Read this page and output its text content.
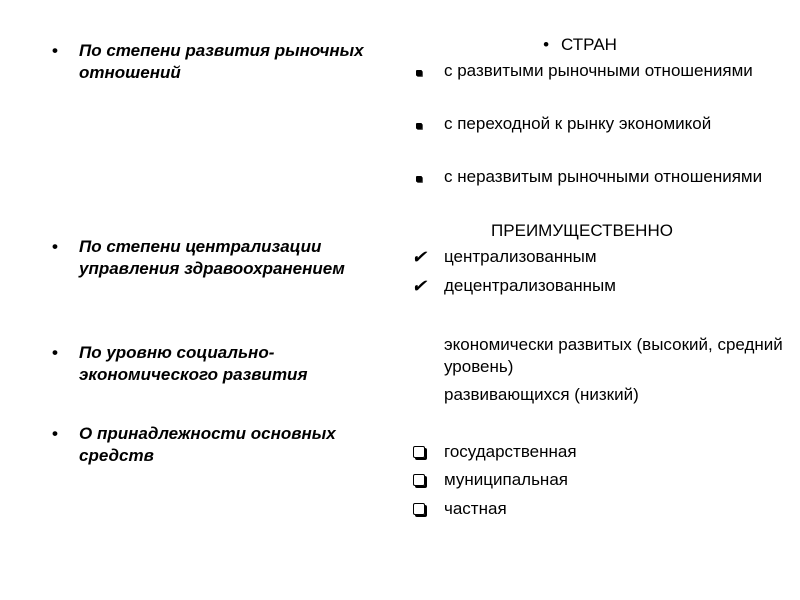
• По степени развития рыночных отношений
• По степени централизации управления здравоохранением
• По уровню социально-экономического развития
• О принадлежности основных средств
• СТРАН
с развитыми рыночными отношениями
с переходной к рынку экономикой
с неразвитым рыночными отношениями
ПРЕИМУЩЕСТВЕННО
✔	централизованным
✔	децентрализованным
экономически развитых (высокий, средний уровень)
развивающихся (низкий)
государственная
муниципальная
частная
